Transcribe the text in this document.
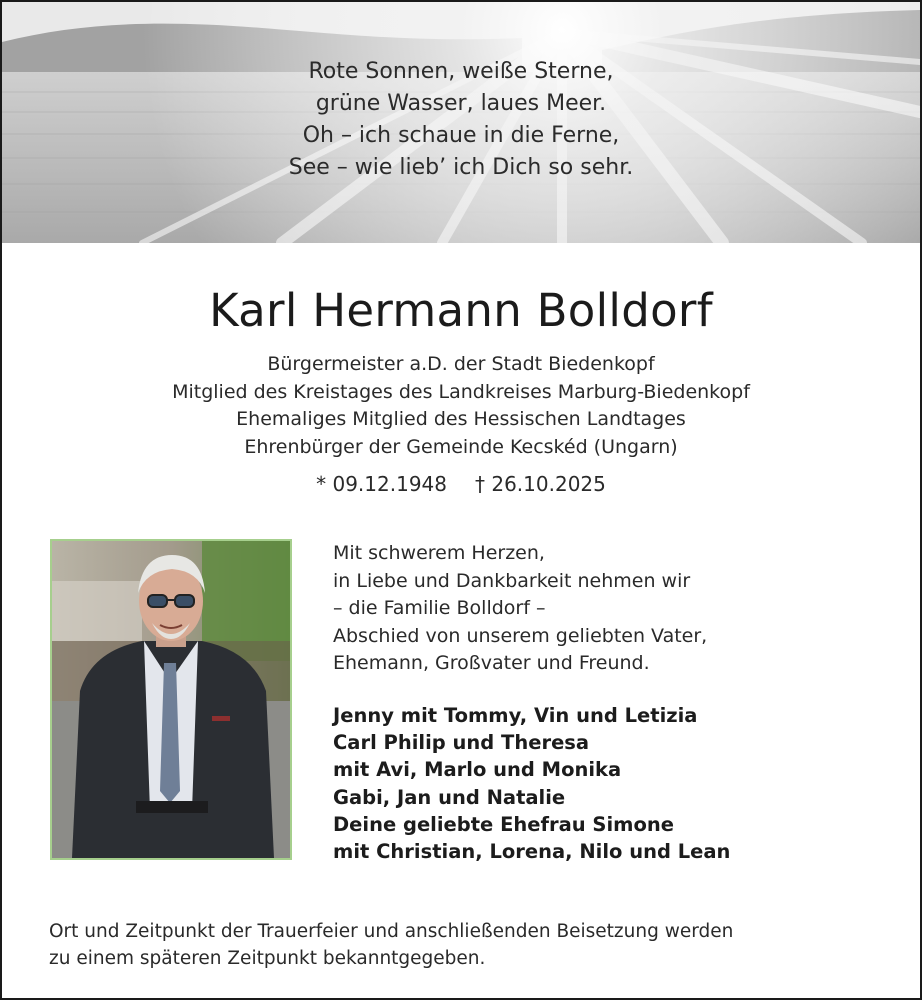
Rote Sonnen, weiße Sterne,
grüne Wasser, laues Meer.
Oh – ich schaue in die Ferne,
See – wie lieb’ ich Dich so sehr.
Karl Hermann Bolldorf
Bürgermeister a.D. der Stadt Biedenkopf
Mitglied des Kreistages des Landkreises Marburg-Biedenkopf
Ehemaliges Mitglied des Hessischen Landtages
Ehrenbürger der Gemeinde Kecskéd (Ungarn)
* 09.12.1948 † 26.10.2025
Mit schwerem Herzen,
in Liebe und Dankbarkeit nehmen wir
– die Familie Bolldorf –
Abschied von unserem geliebten Vater,
Ehemann, Großvater und Freund.
Jenny mit Tommy, Vin und Letizia
Carl Philip und Theresa
mit Avi, Marlo und Monika
Gabi, Jan und Natalie
Deine geliebte Ehefrau Simone
mit Christian, Lorena, Nilo und Lean
Ort und Zeitpunkt der Trauerfeier und anschließenden Beisetzung werden
zu einem späteren Zeitpunkt bekanntgegeben.
